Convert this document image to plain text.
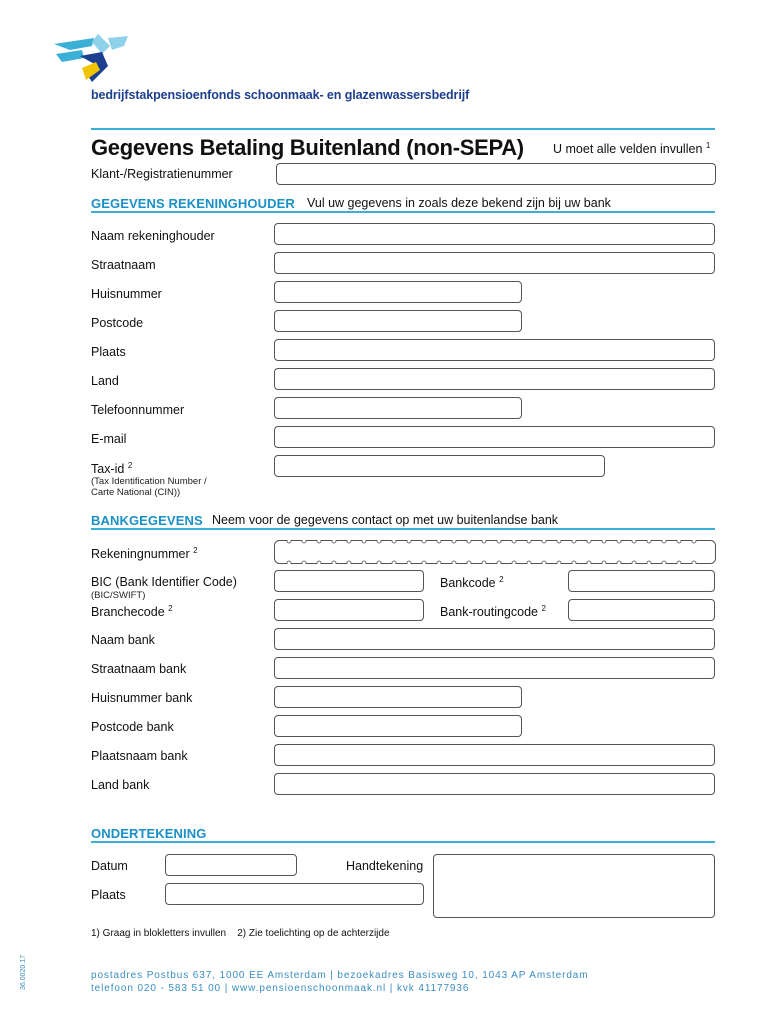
bedrijfstakpensioenfonds schoonmaak- en glazenwassersbedrijf
Gegevens Betaling Buitenland (non-SEPA) U moet alle velden invullen $^1$
Klant-/Registratienummer
GEGEVENS REKENINGHOUDER Vul uw gegevens in zoals deze bekend zijn bij uw bank
Naam rekeninghouder
Straatnaam
Huisnummer
Postcode
Plaats
Land
Telefoonnummer
E-mail
Tax-id $^2$
(Tax Identification Number /
Carte National (CIN))
BANKGEGEVENS Neem voor de gegevens contact op met uw buitenlandse bank
Rekeningnummer $^2$
BIC (Bank Identifier Code)
(BIC/SWIFT)
Bankcode $^2$
Branchecode $^2$	Bank-routingcode $^2$
Naam bank
Straatnaam bank
Huisnummer bank
Postcode bank
Plaatsnaam bank
Land bank
ONDERTEKENING
Datum	Handtekening
Plaats
1) Graag in blokletters invullen 2) Zie toelichting op de achterzijde
postadres Postbus 637, 1000 EE Amsterdam | bezoekadres Basisweg 10, 1043 AP Amsterdam
telefoon 020 - 583 51 00 | www.pensioenschoonmaak.nl | kvk 41177936
36.0020.17
